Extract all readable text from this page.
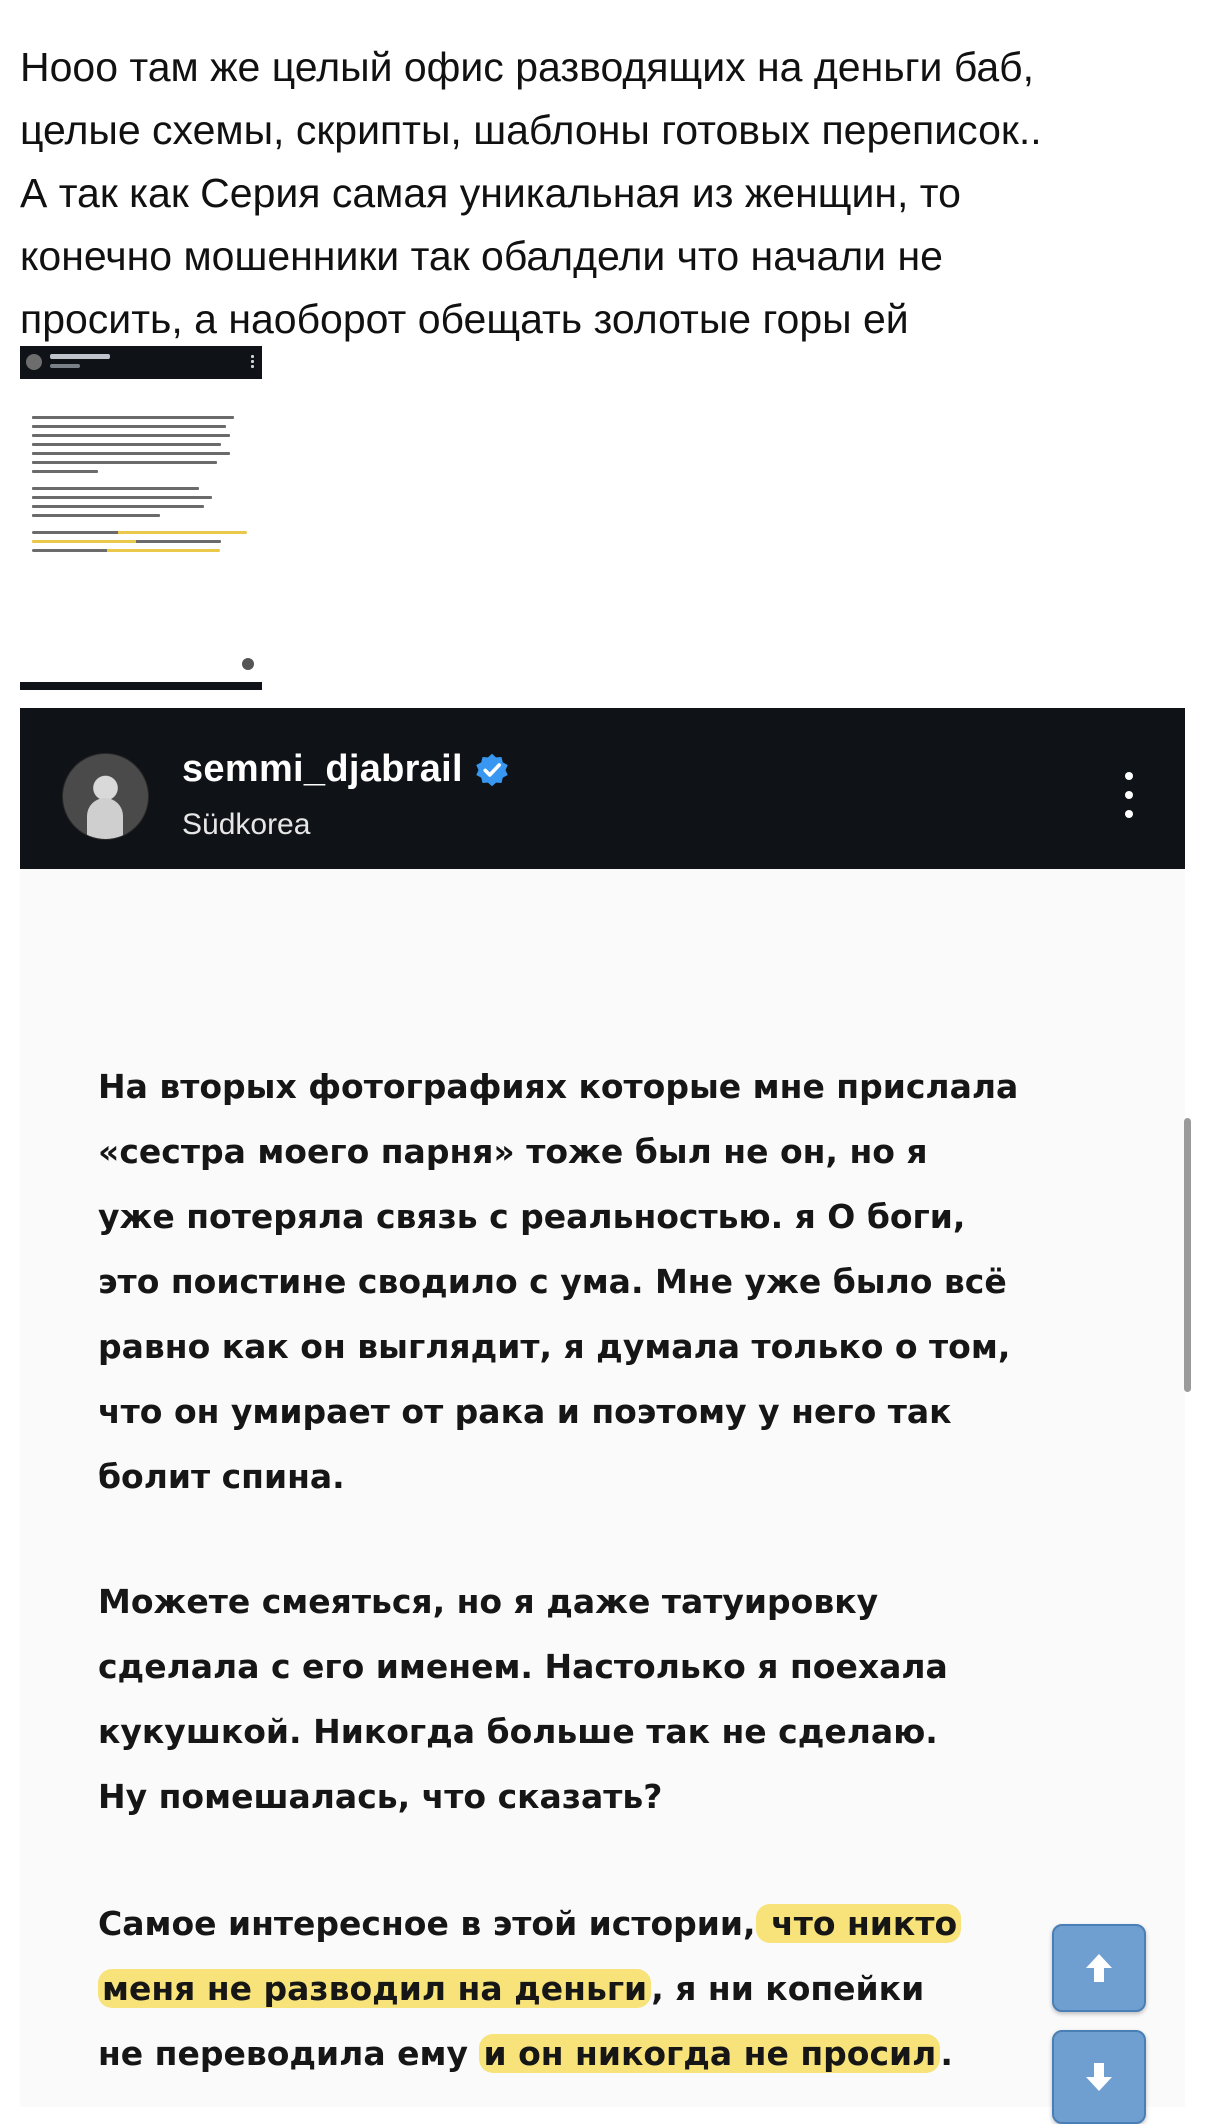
Нооо там же целый офис разводящих на деньги баб,
целые схемы, скрипты, шаблоны готовых переписок..
А так как Серия самая уникальная из женщин, то
конечно мошенники так обалдели что начали не
просить, а наоборот обещать золотые горы ей
semmi_djabrail
Südkorea
На вторых фотографиях которые мне прислала
«сестра моего парня» тоже был не он, но я
уже потеряла связь с реальностью. я О боги,
это поистине сводило с ума. Мне уже было всё
равно как он выглядит, я думала только о том,
что он умирает от рака и поэтому у него так
болит спина.
Можете смеяться, но я даже татуировку
сделала с его именем. Настолько я поехала
кукушкой. Никогда больше так не сделаю.
Ну помешалась, что сказать?
Самое интересное в этой истории, что никто
меня не разводил на деньги , я ни копейки
не переводила ему и он никогда не просил .
